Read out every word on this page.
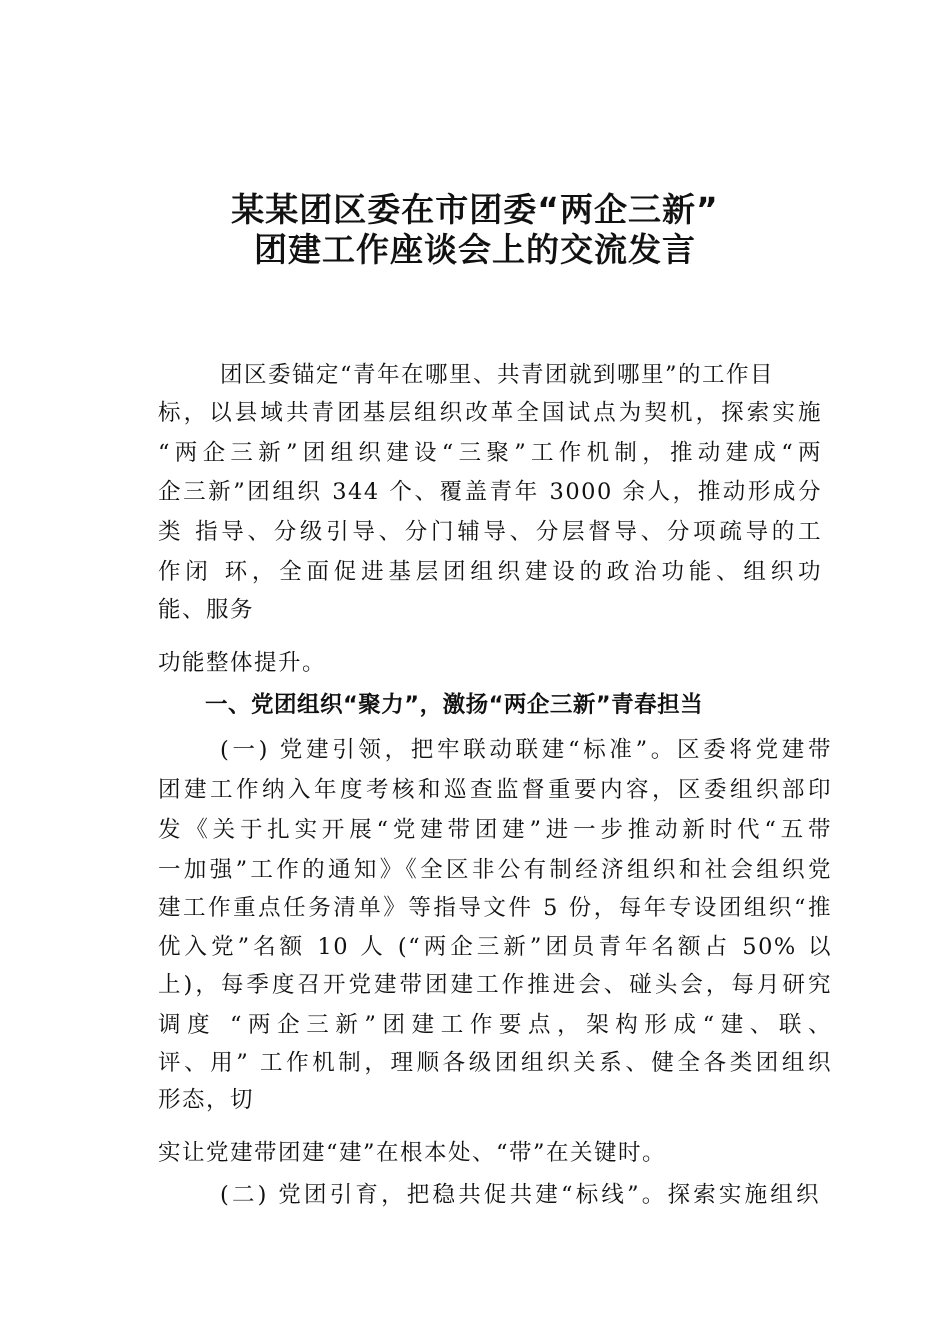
某某团区委在市团委“两企三新”
团建工作座谈会上的交流发言

团区委锚定“青年在哪里、共青团就到哪里”的工作目

标，以县域共青团基层组织改革全国试点为契机，探索实施

“两企三新”团组织建设“三聚”工作机制，推动建成“两

企三新”团组织 344 个、覆盖青年 3000 余人，推动形成分

类 指导、分级引导、分门辅导、分层督导、分项疏导的工

作闭 环，全面促进基层团组织建设的政治功能、组织功

能、服务

功能整体提升。

一、党团组织“聚力”，激扬“两企三新”青春担当

(一) 党建引领，把牢联动联建“标准”。区委将党建带

团建工作纳入年度考核和巡查监督重要内容，区委组织部印

发《关于扎实开展“党建带团建”进一步推动新时代“五带

一加强”工作的通知》《全区非公有制经济组织和社会组织党

建工作重点任务清单》等指导文件 5 份，每年专设团组织“推

优入党”名额 10 人 (“两企三新”团员青年名额占 50% 以

上)，每季度召开党建带团建工作推进会、碰头会，每月研究

调度 “两企三新”团建工作要点，架构形成“建、联、

评、用” 工作机制，理顺各级团组织关系、健全各类团组织

形态，切

实让党建带团建“建”在根本处、“带”在关键时。

(二) 党团引育，把稳共促共建“标线”。探索实施组织
